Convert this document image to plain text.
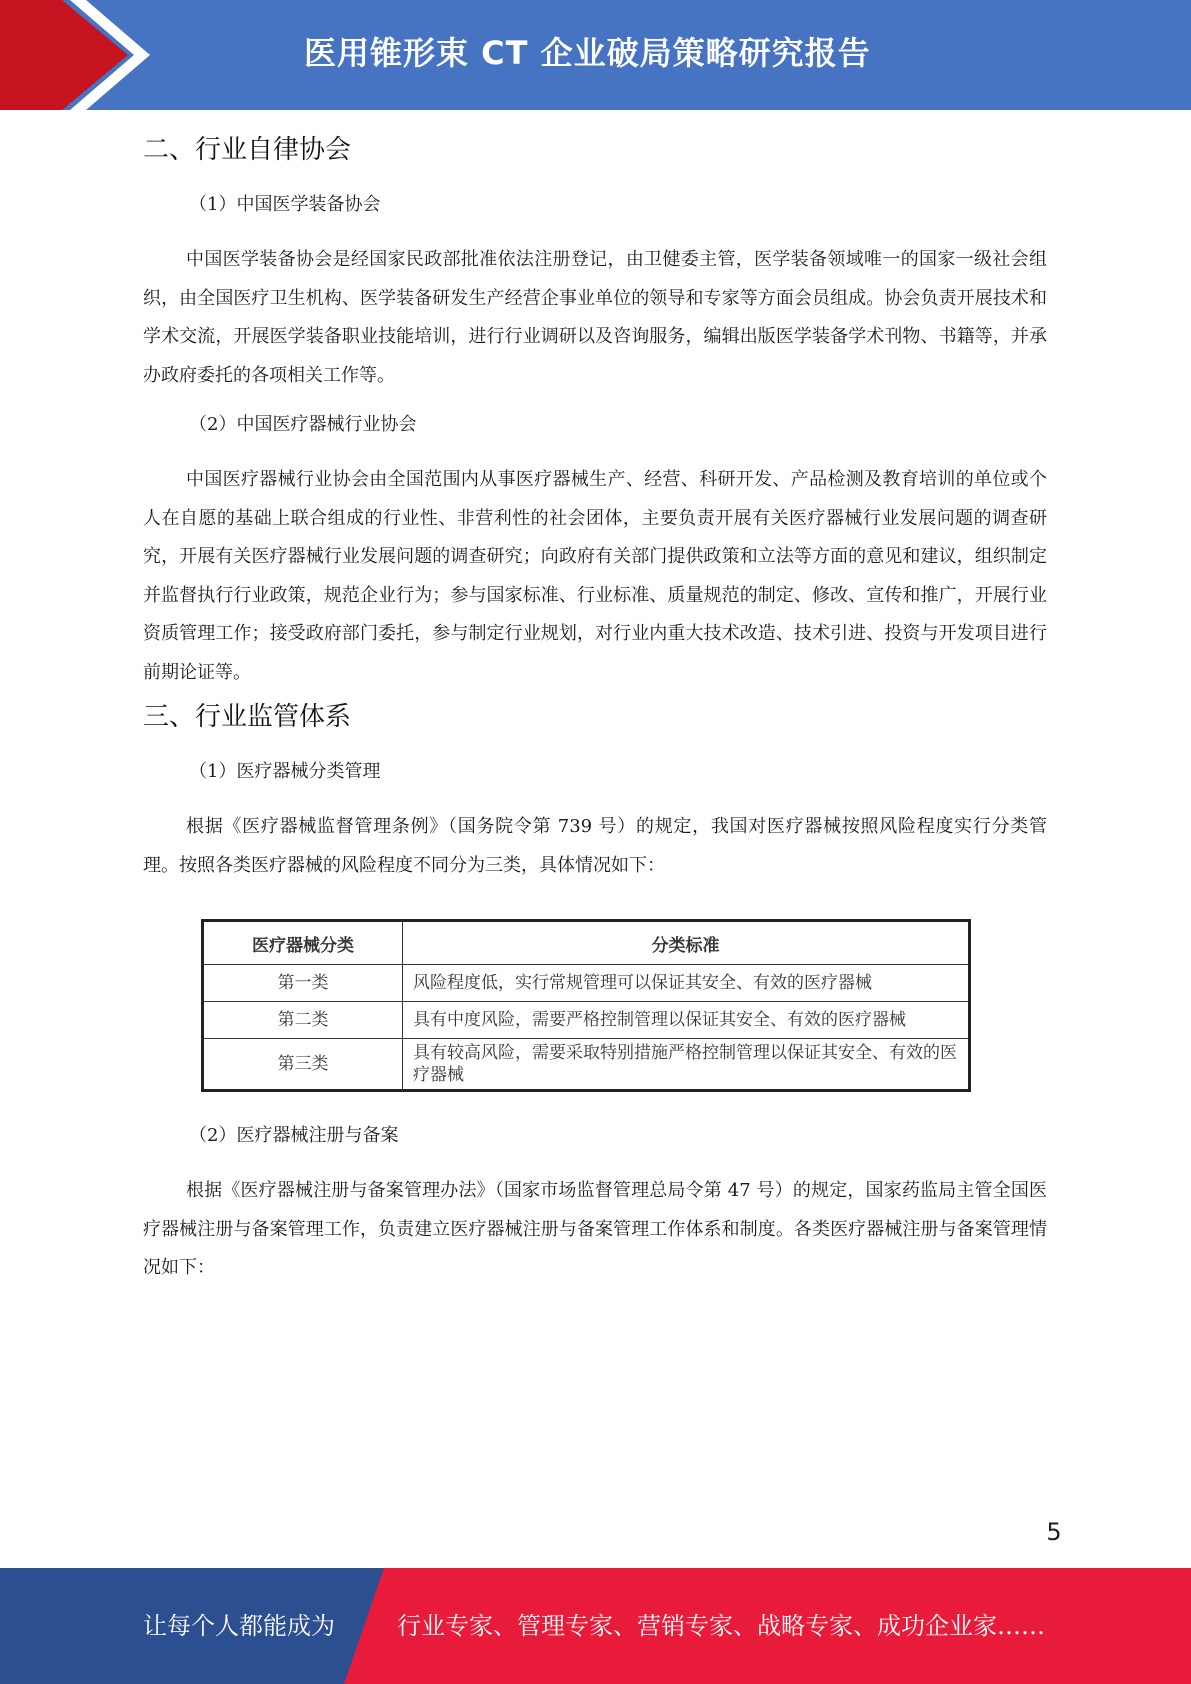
医用锥形束 CT 企业破局策略研究报告
二、行业自律协会
（1）中国医学装备协会

中国医学装备协会是经国家民政部批准依法注册登记，由卫健委主管，医学装备领域唯一的国家一级社会组织，由全国医疗卫生机构、医学装备研发生产经营企事业单位的领导和专家等方面会员组成。协会负责开展技术和学术交流，开展医学装备职业技能培训，进行行业调研以及咨询服务，编辑出版医学装备学术刊物、书籍等，并承办政府委托的各项相关工作等。

（2）中国医疗器械行业协会

中国医疗器械行业协会由全国范围内从事医疗器械生产、经营、科研开发、产品检测及教育培训的单位或个人在自愿的基础上联合组成的行业性、非营利性的社会团体，主要负责开展有关医疗器械行业发展问题的调查研究，开展有关医疗器械行业发展问题的调查研究；向政府有关部门提供政策和立法等方面的意见和建议，组织制定并监督执行行业政策，规范企业行为；参与国家标准、行业标准、质量规范的制定、修改、宣传和推广，开展行业资质管理工作；接受政府部门委托，参与制定行业规划，对行业内重大技术改造、技术引进、投资与开发项目进行前期论证等。

三、行业监管体系
（1）医疗器械分类管理

根据《医疗器械监督管理条例》（国务院令第 739 号）的规定，我国对医疗器械按照风险程度实行分类管理。按照各类医疗器械的风险程度不同分为三类，具体情况如下：

医疗器械分类	分类标准
第一类	风险程度低，实行常规管理可以保证其安全、有效的医疗器械
第二类	具有中度风险，需要严格控制管理以保证其安全、有效的医疗器械
第三类	具有较高风险，需要采取特别措施严格控制管理以保证其安全、有效的医疗器械
（2）医疗器械注册与备案

根据《医疗器械注册与备案管理办法》（国家市场监督管理总局令第 47 号）的规定，国家药监局主管全国医疗器械注册与备案管理工作，负责建立医疗器械注册与备案管理工作体系和制度。各类医疗器械注册与备案管理情况如下：

5
让每个人都能成为	行业专家、管理专家、营销专家、战略专家、成功企业家……
